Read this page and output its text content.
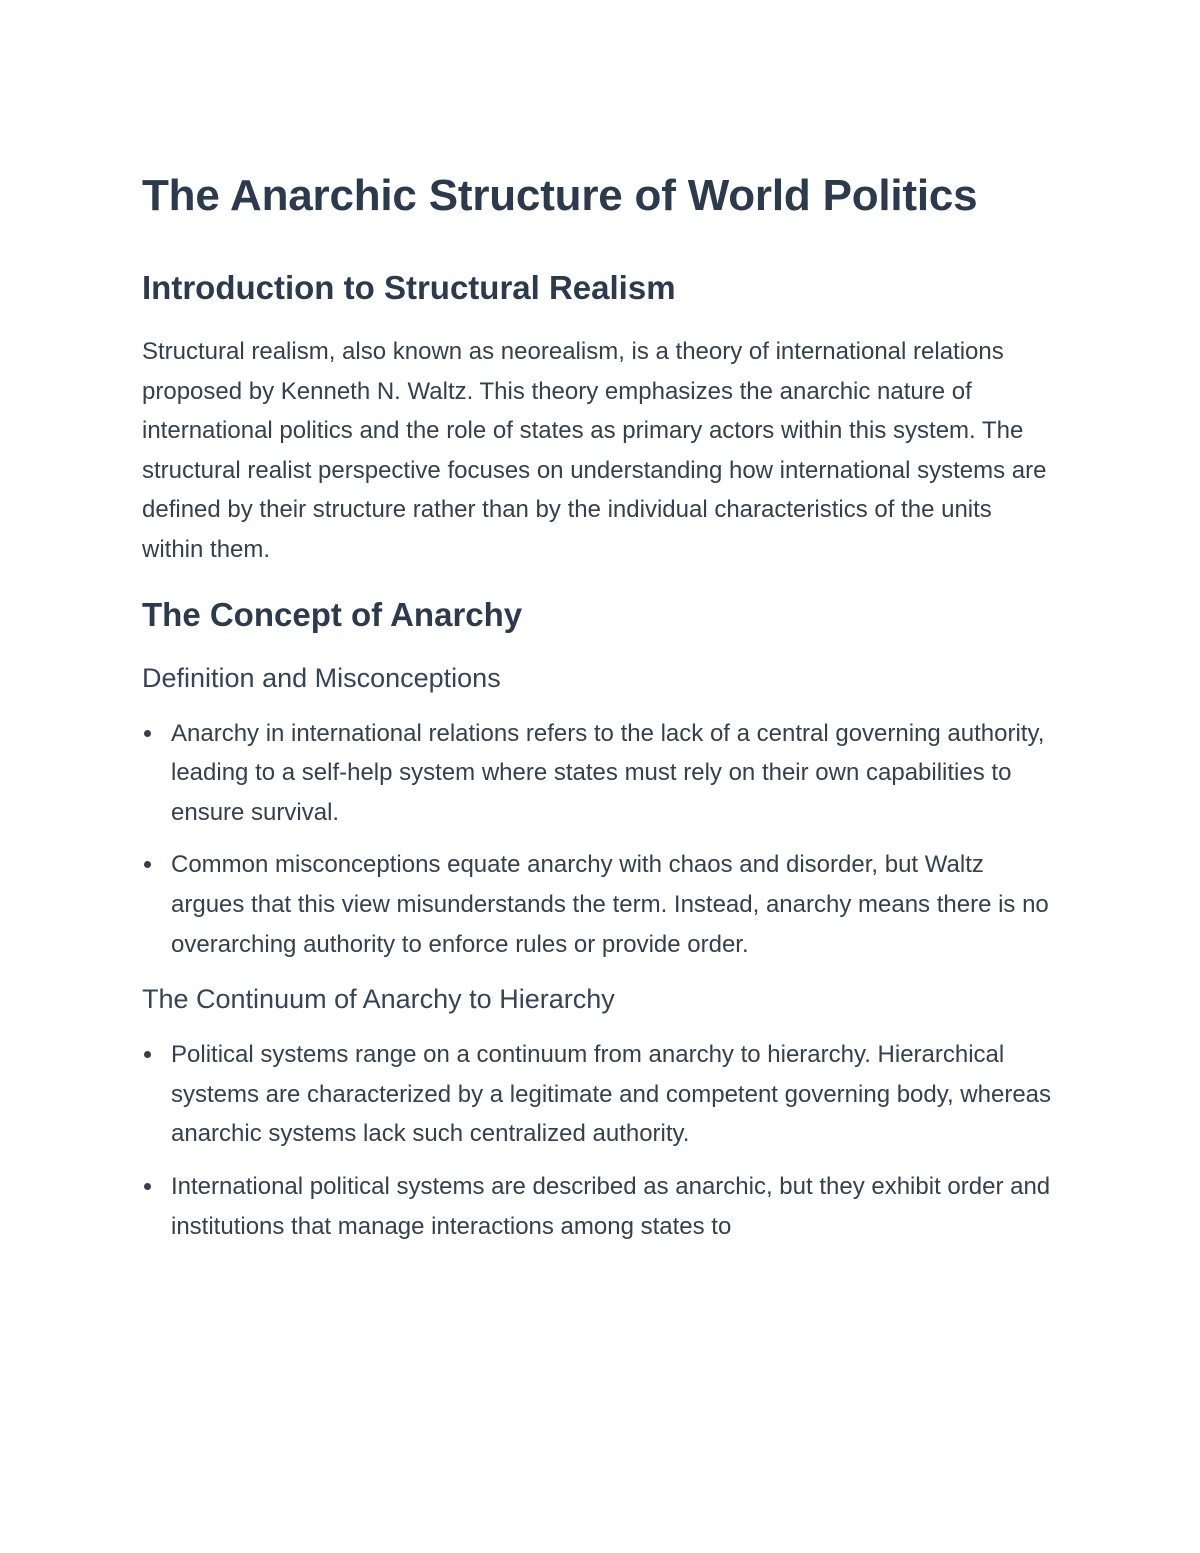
The Anarchic Structure of World Politics
Introduction to Structural Realism

Structural realism, also known as neorealism, is a theory of international relations proposed by Kenneth N. Waltz. This theory emphasizes the anarchic nature of international politics and the role of states as primary actors within this system. The structural realist perspective focuses on understanding how international systems are defined by their structure rather than by the individual characteristics of the units within them.

The Concept of Anarchy
Definition and Misconceptions
Anarchy in international relations refers to the lack of a central governing authority, leading to a self-help system where states must rely on their own capabilities to ensure survival.
Common misconceptions equate anarchy with chaos and disorder, but Waltz argues that this view misunderstands the term. Instead, anarchy means there is no overarching authority to enforce rules or provide order.
The Continuum of Anarchy to Hierarchy
Political systems range on a continuum from anarchy to hierarchy. Hierarchical systems are characterized by a legitimate and competent governing body, whereas anarchic systems lack such centralized authority.
International political systems are described as anarchic, but they exhibit order and institutions that manage interactions among states to
